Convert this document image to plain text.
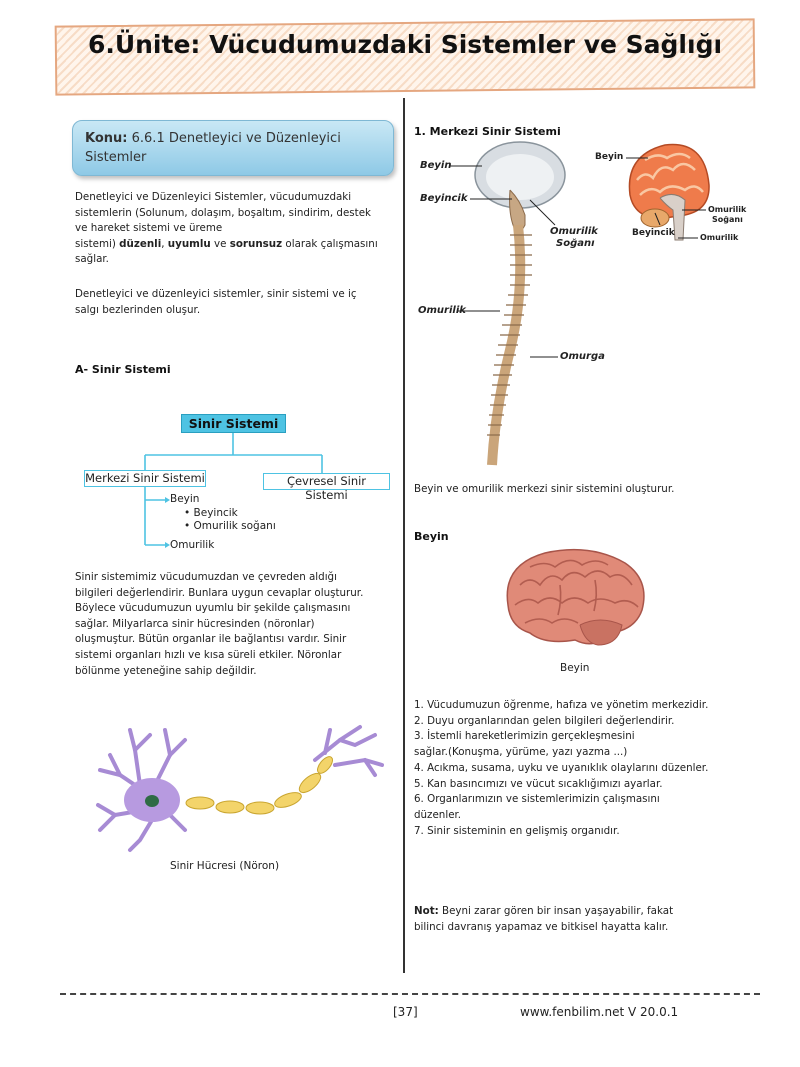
6.Ünite: Vücudumuzdaki Sistemler ve Sağlığı
Konu: 6.6.1 Denetleyici ve Düzenleyici Sistemler
Denetleyici ve Düzenleyici Sistemler, vücudumuzdaki
sistemlerin (Solunum, dolaşım, boşaltım, sindirim, destek
ve hareket sistemi ve üreme
sistemi) düzenli, uyumlu ve sorunsuz olarak çalışmasını
sağlar.
Denetleyici ve düzenleyici sistemler, sinir sistemi ve iç
salgı bezlerinden oluşur.
A- Sinir Sistemi
Sinir Sistemi
Merkezi Sinir Sistemi	Çevresel Sinir Sistemi
Beyin
• Beyincik
• Omurilik soğanı
Omurilik
Sinir sistemimiz vücudumuzdan ve çevreden aldığı
bilgileri değerlendirir. Bunlara uygun cevaplar oluşturur.
Böylece vücudumuzun uyumlu bir şekilde çalışmasını
sağlar. Milyarlarca sinir hücresinden (nöronlar)
oluşmuştur. Bütün organlar ile bağlantısı vardır. Sinir
sistemi organları hızlı ve kısa süreli etkiler. Nöronlar
bölünme yeteneğine sahip değildir.
Sinir Hücresi (Nöron)
1. Merkezi Sinir Sistemi
Beyin
Beyincik
Omurilik
Soğanı
Omurilik
Omurga
Beyin
Beyincik
Omurilik
Soğanı
Omurilik
Beyin ve omurilik merkezi sinir sistemini oluşturur.
Beyin
Beyin
1. Vücudumuzun öğrenme, hafıza ve yönetim merkezidir.
2. Duyu organlarından gelen bilgileri değerlendirir.
3. İstemli hareketlerimizin gerçekleşmesini
sağlar.(Konuşma, yürüme, yazı yazma ...)
4. Acıkma, susama, uyku ve uyanıklık olaylarını düzenler.
5. Kan basıncımızı ve vücut sıcaklığımızı ayarlar.
6. Organlarımızın ve sistemlerimizin çalışmasını
düzenler.
7. Sinir sisteminin en gelişmiş organıdır.
Not: Beyni zarar gören bir insan yaşayabilir, fakat
bilinci davranış yapamaz ve bitkisel hayatta kalır.
[37]	www.fenbilim.net V 20.0.1
